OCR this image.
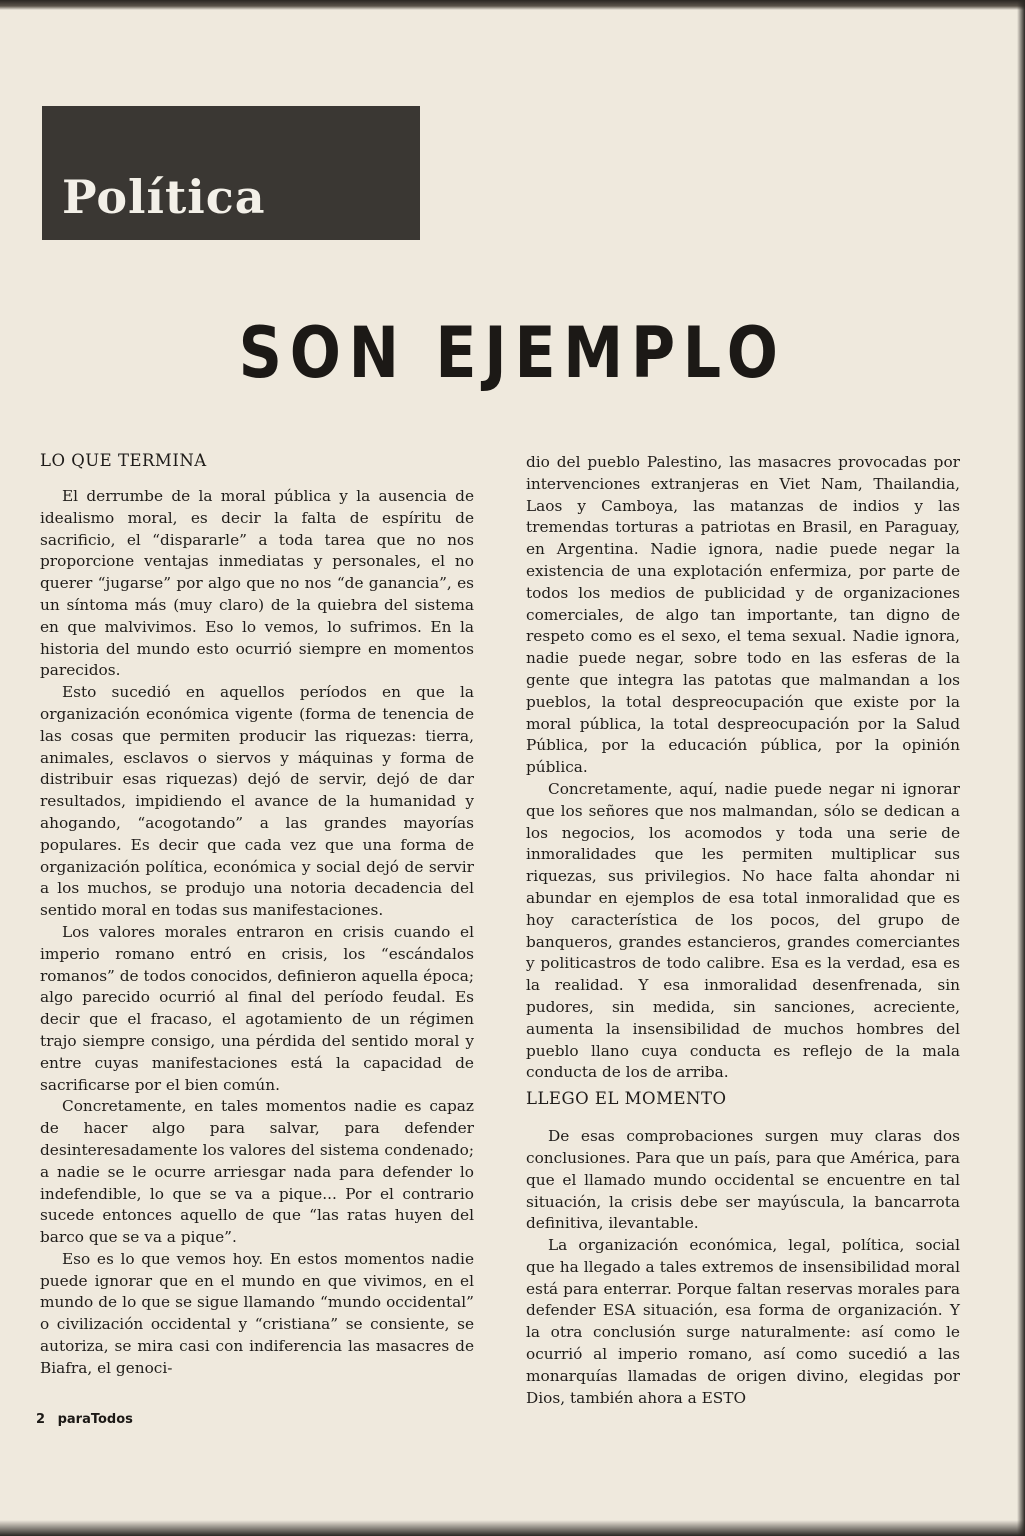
Política
SON EJEMPLO
LO QUE TERMINA

El derrumbe de la moral pública y la ausencia de idealismo moral, es decir la falta de espíritu de sacrificio, el “dispararle” a toda tarea que no nos proporcione ventajas inmediatas y personales, el no querer “jugarse” por algo que no nos “de ganancia”, es un síntoma más (muy claro) de la quiebra del sistema en que malvivimos. Eso lo vemos, lo sufrimos. En la historia del mundo esto ocurrió siempre en momentos parecidos.

Esto sucedió en aquellos períodos en que la organización económica vigente (forma de tenencia de las cosas que permiten producir las riquezas: tierra, animales, esclavos o siervos y máquinas y forma de distribuir esas riquezas) dejó de servir, dejó de dar resultados, impidiendo el avance de la humanidad y ahogando, “acogotando” a las grandes mayorías populares. Es decir que cada vez que una forma de organización política, económica y social dejó de servir a los muchos, se produjo una notoria decadencia del sentido moral en todas sus manifestaciones.

Los valores morales entraron en crisis cuando el imperio romano entró en crisis, los “escándalos romanos” de todos conocidos, definieron aquella época; algo parecido ocurrió al final del período feudal. Es decir que el fracaso, el agotamiento de un régimen trajo siempre consigo, una pérdida del sentido moral y entre cuyas manifestaciones está la capacidad de sacrificarse por el bien común.

Concretamente, en tales momentos nadie es capaz de hacer algo para salvar, para defender desinteresadamente los valores del sistema condenado; a nadie se le ocurre arriesgar nada para defender lo indefendible, lo que se va a pique... Por el contrario sucede entonces aquello de que “las ratas huyen del barco que se va a pique”.

Eso es lo que vemos hoy. En estos momentos nadie puede ignorar que en el mundo en que vivimos, en el mundo de lo que se sigue llamando “mundo occidental” o civilización occidental y “cristiana” se consiente, se autoriza, se mira casi con indiferencia las masacres de Biafra, el genoci-

dio del pueblo Palestino, las masacres provocadas por intervenciones extranjeras en Viet Nam, Thailandia, Laos y Camboya, las matanzas de indios y las tremendas torturas a patriotas en Brasil, en Paraguay, en Argentina. Nadie ignora, nadie puede negar la existencia de una explotación enfermiza, por parte de todos los medios de publicidad y de organizaciones comerciales, de algo tan importante, tan digno de respeto como es el sexo, el tema sexual. Nadie ignora, nadie puede negar, sobre todo en las esferas de la gente que integra las patotas que malmandan a los pueblos, la total despreocupación que existe por la moral pública, la total despreocupación por la Salud Pública, por la educación pública, por la opinión pública.

Concretamente, aquí, nadie puede negar ni ignorar que los señores que nos malmandan, sólo se dedican a los negocios, los acomodos y toda una serie de inmoralidades que les permiten multiplicar sus riquezas, sus privilegios. No hace falta ahondar ni abundar en ejemplos de esa total inmoralidad que es hoy característica de los pocos, del grupo de banqueros, grandes estancieros, grandes comerciantes y politicastros de todo calibre. Esa es la verdad, esa es la realidad. Y esa inmoralidad desenfrenada, sin pudores, sin medida, sin sanciones, acreciente, aumenta la insensibilidad de muchos hombres del pueblo llano cuya conducta es reflejo de la mala conducta de los de arriba.

LLEGO EL MOMENTO

De esas comprobaciones surgen muy claras dos conclusiones. Para que un país, para que América, para que el llamado mundo occidental se encuentre en tal situación, la crisis debe ser mayúscula, la bancarrota definitiva, ilevantable.

La organización económica, legal, política, social que ha llegado a tales extremos de insensibilidad moral está para enterrar. Porque faltan reservas morales para defender ESA situación, esa forma de organización. Y la otra conclusión surge naturalmente: así como le ocurrió al imperio romano, así como sucedió a las monarquías llamadas de origen divino, elegidas por Dios, también ahora a ESTO

2 paraTodos
